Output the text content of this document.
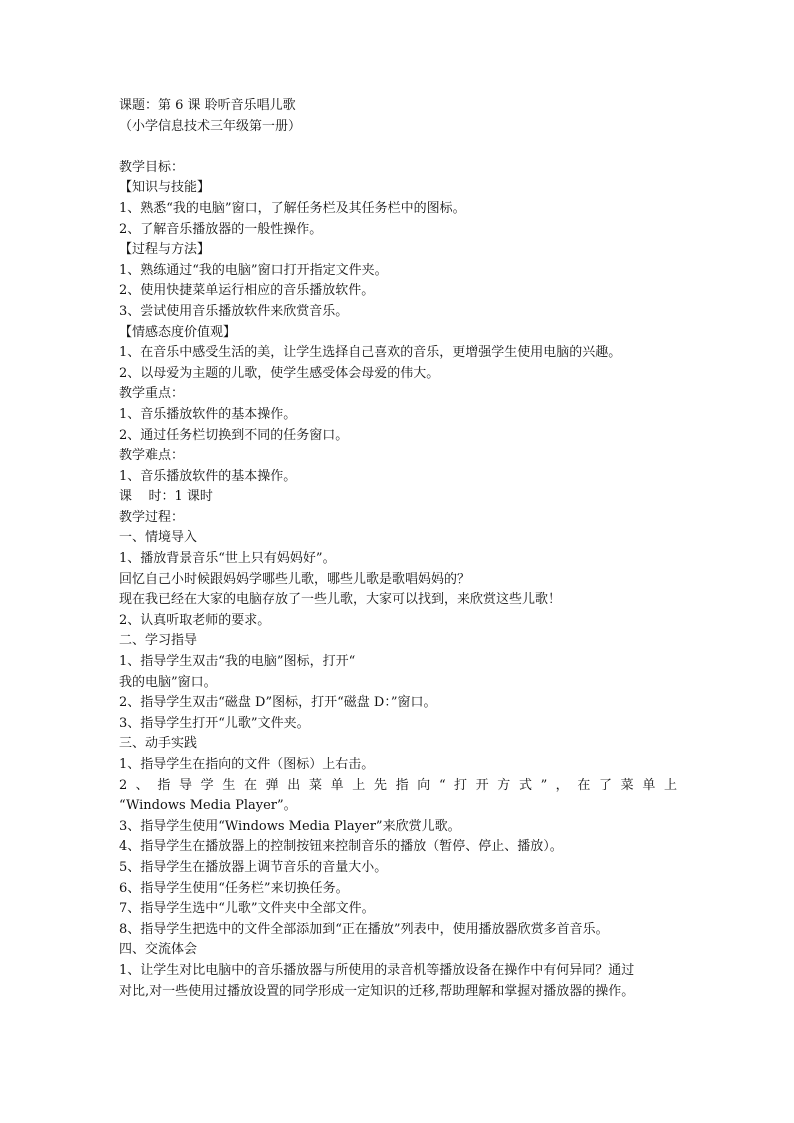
课题：第 6 课 聆听音乐唱儿歌
（小学信息技术三年级第一册）

教学目标：
【知识与技能】
1、熟悉“我的电脑”窗口，了解任务栏及其任务栏中的图标。
2、了解音乐播放器的一般性操作。
【过程与方法】
1、熟练通过“我的电脑”窗口打开指定文件夹。
2、使用快捷菜单运行相应的音乐播放软件。
3、尝试使用音乐播放软件来欣赏音乐。
【情感态度价值观】
1、在音乐中感受生活的美，让学生选择自己喜欢的音乐，更增强学生使用电脑的兴趣。
2、以母爱为主题的儿歌，使学生感受体会母爱的伟大。
教学重点：
1、音乐播放软件的基本操作。
2、通过任务栏切换到不同的任务窗口。
教学难点：
1、音乐播放软件的基本操作。
课    时：1 课时
教学过程：
一、情境导入
1、播放背景音乐“世上只有妈妈好”。
回忆自己小时候跟妈妈学哪些儿歌，哪些儿歌是歌唱妈妈的？
现在我已经在大家的电脑存放了一些儿歌，大家可以找到，来欣赏这些儿歌！
2、认真听取老师的要求。
二、学习指导
1、指导学生双击“我的电脑”图标，打开“
我的电脑”窗口。
2、指导学生双击“磁盘 D”图标，打开“磁盘 D：”窗口。
3、指导学生打开“儿歌”文件夹。
三、动手实践
1、指导学生在指向的文件（图标）上右击。
2 、 指 导 学 生 在 弹 出 菜 单 上 先 指 向 “ 打 开 方 式 ” ， 在 了 菜 单 上
“Windows Media Player”。
3、指导学生使用“Windows Media Player”来欣赏儿歌。
4、指导学生在播放器上的控制按钮来控制音乐的播放（暂停、停止、播放）。
5、指导学生在播放器上调节音乐的音量大小。
6、指导学生使用“任务栏”来切换任务。
7、指导学生选中“儿歌”文件夹中全部文件。
8、指导学生把选中的文件全部添加到“正在播放”列表中，使用播放器欣赏多首音乐。
四、交流体会
1、让学生对比电脑中的音乐播放器与所使用的录音机等播放设备在操作中有何异同？通过
对比,对一些使用过播放设置的同学形成一定知识的迁移,帮助理解和掌握对播放器的操作。
